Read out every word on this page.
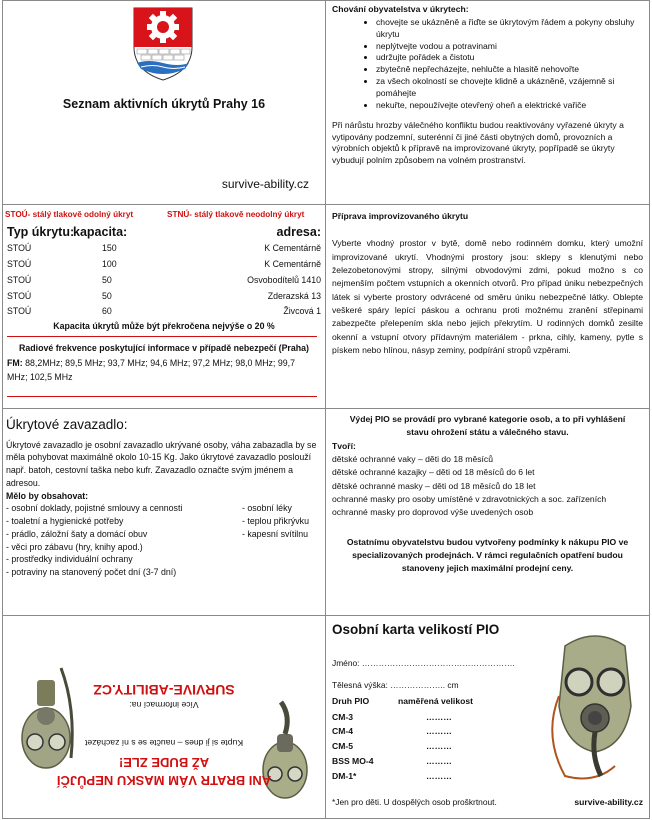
Seznam aktivních úkrytů Prahy 16
survive-ability.cz
Chování obyvatelstva v úkrytech:
• chovejte se ukázněně a řiďte se úkrytovým řádem a pokyny obsluhy úkrytu
• neplýtvejte vodou a potravinami
• udržujte pořádek a čistotu
• zbytečně nepřecházejte, nehlučte a hlasitě nehovořte
• za všech okolností se chovejte klidně a ukázněně, vzájemně si pomáhejte
• nekuřte, nepoužívejte otevřený oheň a elektrické vařiče

Při nárůstu hrozby válečného konfliktu budou reaktivovány vyřazené úkryty a vytipovány podzemní, suterénní či jiné části obytných domů, provozních a výrobních objektů k přípravě na improvizované úkryty, popřípadě se úkryty vybudují polním způsobem na volném prostranství.

STOÚ- stálý tlakově odolný úkryt	STNÚ- stálý tlakově neodolný úkryt
Typ úkrytu:
kapacita:	adresa:
STOÚ	150	K Cementárně
STOÚ	100	K Cementárně
STOÚ	50	Osvobodítelů 1410
STOÚ	50	Zderazská 13
STOÚ	60	Živcová 1
Kapacita úkrytů může být překročena nejvýše o 20 %
Radiové frekvence poskytující informace v případě nebezpečí (Praha)
FM: 88,2MHz; 89,5 MHz; 93,7 MHz; 94,6 MHz; 97,2 MHz; 98,0 MHz; 99,7 MHz; 102,5 MHz
Příprava improvizovaného úkrytu

Vyberte vhodný prostor v bytě, domě nebo rodinném domku, který umožní improvizované ukrytí. Vhodnými prostory jsou: sklepy s klenutými nebo železobetonovými stropy, silnými obvodovými zdmi, pokud možno s co nejmenším počtem vstupních a okenních otvorů. Pro případ úniku nebezpečných látek si vyberte prostory odvrácené od směru úniku nebezpečné látky. Oblepte veškeré spáry lepící páskou a ochranu proti možnému zranění střepinami zabezpečte přelepením skla nebo jejich překrytím. U rodinných domků zesilte okenní a vstupní otvory přídavným materiálem - prkna, cihly, kameny, pytle s pískem nebo hlínou, násyp zeminy, podpírání stropů vzpěrami.

Úkrytové zavazadlo:
Úkrytové zavazadlo je osobní zavazadlo ukrývané osoby, váha zabazadla by se měla pohybovat maximálně okolo 10-15 Kg. Jako úkrytové zavazadlo poslouží např. batoh, cestovní taška nebo kufr. Zavazadlo označte svým jménem a adresou.
Mělo by obsahovat:
- osobní doklady, pojistné smlouvy a cennosti
- toaletní a hygienické potřeby
- prádlo, záložní šaty a domácí obuv
- věci pro zábavu (hry, knihy apod.)
- prostředky individuální ochrany
- potraviny na stanovený počet dní (3-7 dní)
- osobní léky
- teplou přikrývku
- kapesní svítilnu
Výdej PIO se provádí pro vybrané kategorie osob, a to při vyhlášení stavu ohrožení státu a válečného stavu.
Tvoří:
dětské ochranné vaky – děti do 18 měsíců
dětské ochranné kazajky – děti od 18 měsíců do 6 let
dětské ochranné masky – děti od 18 měsíců do 18 let
ochranné masky pro osoby umístěné v zdravotnických a soc. zařízeních
ochranné masky pro doprovod výše uvedených osob
Ostatnímu obyvatelstvu budou vytvořeny podmínky k nákupu PIO ve specializovaných prodejnách. V rámci regulačních opatření budou stanoveny jejich maximální prodejní ceny.
ANI BRATR VÁM MASKU NEPŮJČÍ
AŽ BUDE ZLE!
Kupte si ji dnes – naučte se s ní zacházet
Více informací na:
SURVIVE-ABILITY.CZ
Osobní karta velikostí PIO
Jméno: ……………………………………………….
Tělesná výška: ……………….. cm
Druh PIO	naměřená velikost
CM-3	………
CM-4	………
CM-5	………
BSS MO-4	………
DM-1*	………
*Jen pro děti. U dospělých osob proškrtnout.	survive-ability.cz
